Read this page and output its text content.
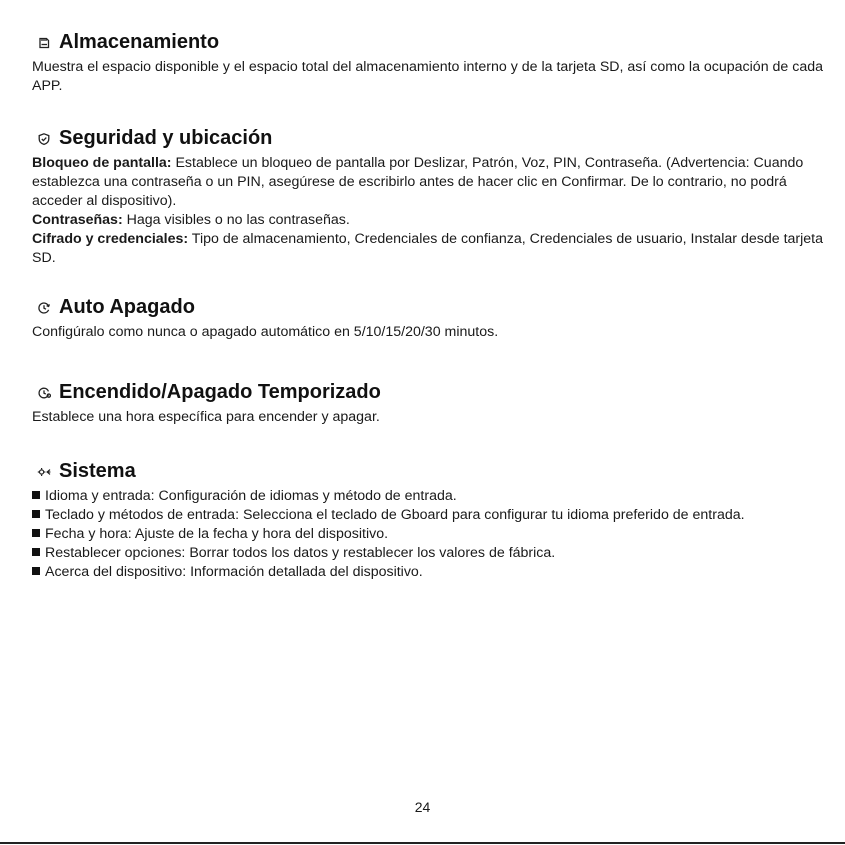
Almacenamiento

Muestra el espacio disponible y el espacio total del almacenamiento interno y de la tarjeta SD, así como la ocupación de cada APP.

Seguridad y ubicación

Bloqueo de pantalla: Establece un bloqueo de pantalla por Deslizar, Patrón, Voz, PIN, Contraseña. (Advertencia: Cuando establezca una contraseña o un PIN, asegúrese de escribirlo antes de hacer clic en Confirmar. De lo contrario, no podrá acceder al dispositivo).

Contraseñas: Haga visibles o no las contraseñas.

Cifrado y credenciales: Tipo de almacenamiento, Credenciales de confianza, Credenciales de usuario, Instalar desde tarjeta SD.

Auto Apagado

Configúralo como nunca o apagado automático en 5/10/15/20/30 minutos.

Encendido/Apagado Temporizado

Establece una hora específica para encender y apagar.

Sistema

Idioma y entrada: Configuración de idiomas y método de entrada.

Teclado y métodos de entrada: Selecciona el teclado de Gboard para configurar tu idioma preferido de entrada.

Fecha y hora: Ajuste de la fecha y hora del dispositivo.

Restablecer opciones: Borrar todos los datos y restablecer los valores de fábrica.

Acerca del dispositivo: Información detallada del dispositivo.

24
